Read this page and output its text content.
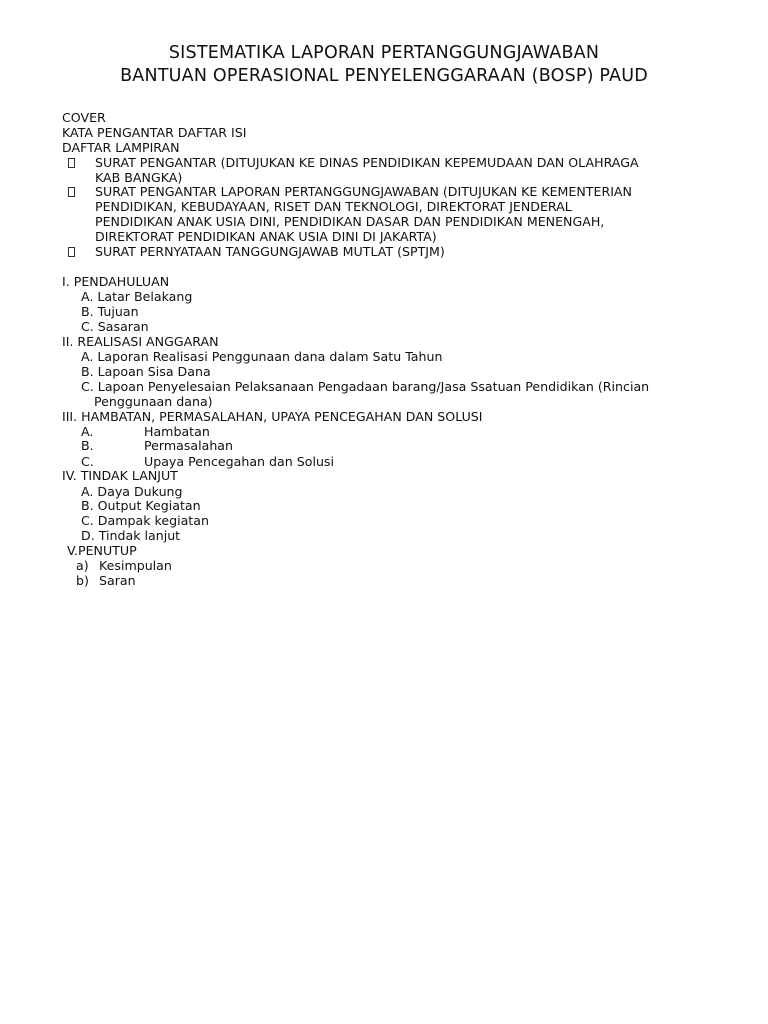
SISTEMATIKA LAPORAN PERTANGGUNGJAWABAN
BANTUAN OPERASIONAL PENYELENGGARAAN (BOSP) PAUD
COVER
KATA PENGANTAR DAFTAR ISI
DAFTAR LAMPIRAN
SURAT PENGANTAR (DITUJUKAN KE DINAS PENDIDIKAN KEPEMUDAAN DAN OLAHRAGA
KAB BANGKA)
SURAT PENGANTAR LAPORAN PERTANGGUNGJAWABAN (DITUJUKAN KE KEMENTERIAN
PENDIDIKAN, KEBUDAYAAN, RISET DAN TEKNOLOGI, DIREKTORAT JENDERAL
PENDIDIKAN ANAK USIA DINI, PENDIDIKAN DASAR DAN PENDIDIKAN MENENGAH,
DIREKTORAT PENDIDIKAN ANAK USIA DINI DI JAKARTA)
SURAT PERNYATAAN TANGGUNGJAWAB MUTLAT (SPTJM)
I. PENDAHULUAN
A. Latar Belakang
B. Tujuan
C. Sasaran
II. REALISASI ANGGARAN
A. Laporan Realisasi Penggunaan dana dalam Satu Tahun
B. Lapoan Sisa Dana
C. Lapoan Penyelesaian Pelaksanaan Pengadaan barang/Jasa Ssatuan Pendidikan (Rincian
Penggunaan dana)
III. HAMBATAN, PERMASALAHAN, UPAYA PENCEGAHAN DAN SOLUSI
A.	Hambatan
B.	Permasalahan
C.	Upaya Pencegahan dan Solusi
IV. TINDAK LANJUT
A. Daya Dukung
B. Output Kegiatan
C. Dampak kegiatan
D. Tindak lanjut
V.PENUTUP
a) Kesimpulan
b) Saran
